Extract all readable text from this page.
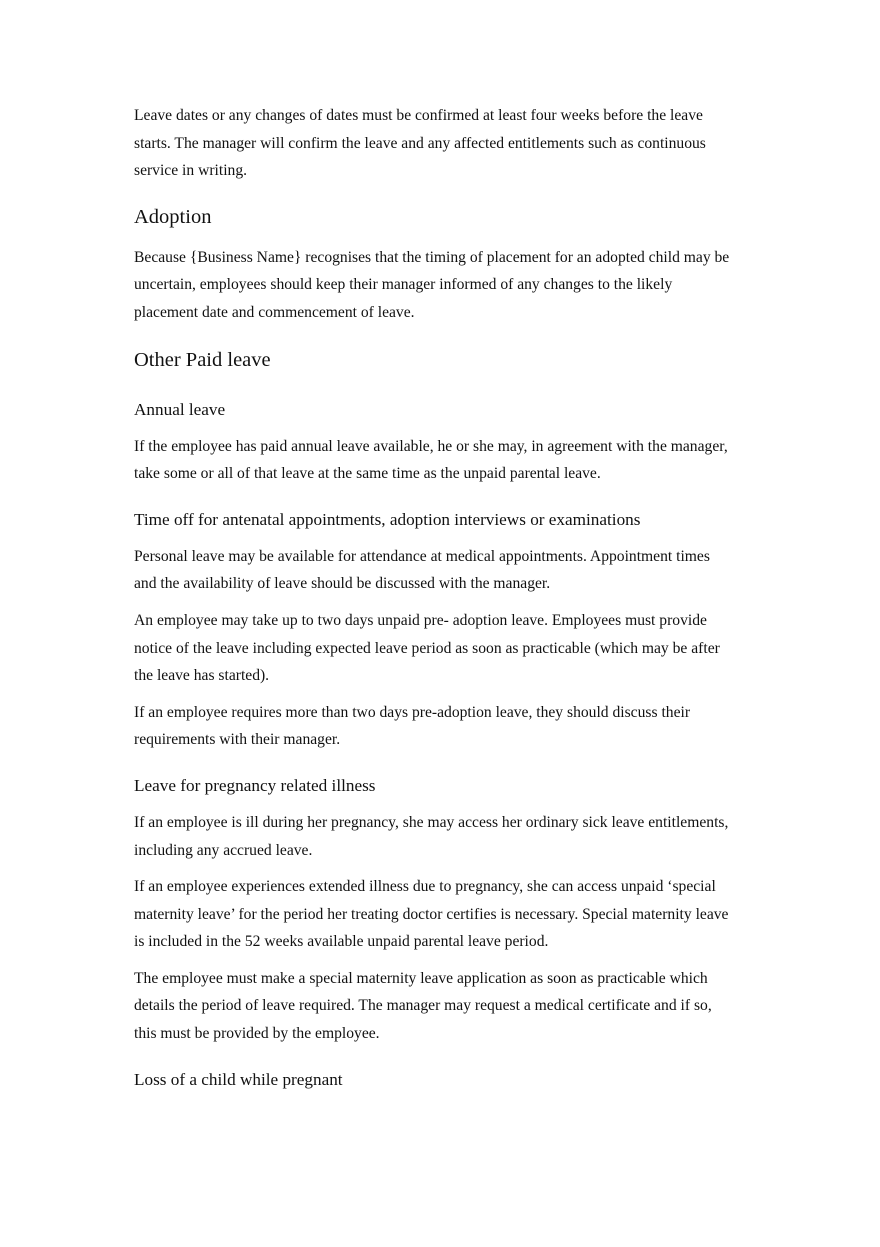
Leave dates or any changes of dates must be confirmed at least four weeks before the leave starts. The manager will confirm the leave and any affected entitlements such as continuous service in writing.

Adoption

Because {Business Name} recognises that the timing of placement for an adopted child may be uncertain, employees should keep their manager informed of any changes to the likely placement date and commencement of leave.

Other Paid leave
Annual leave

If the employee has paid annual leave available, he or she may, in agreement with the manager, take some or all of that leave at the same time as the unpaid parental leave.

Time off for antenatal appointments, adoption interviews or examinations

Personal leave may be available for attendance at medical appointments. Appointment times and the availability of leave should be discussed with the manager.

An employee may take up to two days unpaid pre- adoption leave. Employees must provide notice of the leave including expected leave period as soon as practicable (which may be after the leave has started).

If an employee requires more than two days pre-adoption leave, they should discuss their requirements with their manager.

Leave for pregnancy related illness

If an employee is ill during her pregnancy, she may access her ordinary sick leave entitlements, including any accrued leave.

If an employee experiences extended illness due to pregnancy, she can access unpaid ‘special maternity leave’ for the period her treating doctor certifies is necessary. Special maternity leave is included in the 52 weeks available unpaid parental leave period.

The employee must make a special maternity leave application as soon as practicable which details the period of leave required. The manager may request a medical certificate and if so, this must be provided by the employee.

Loss of a child while pregnant
